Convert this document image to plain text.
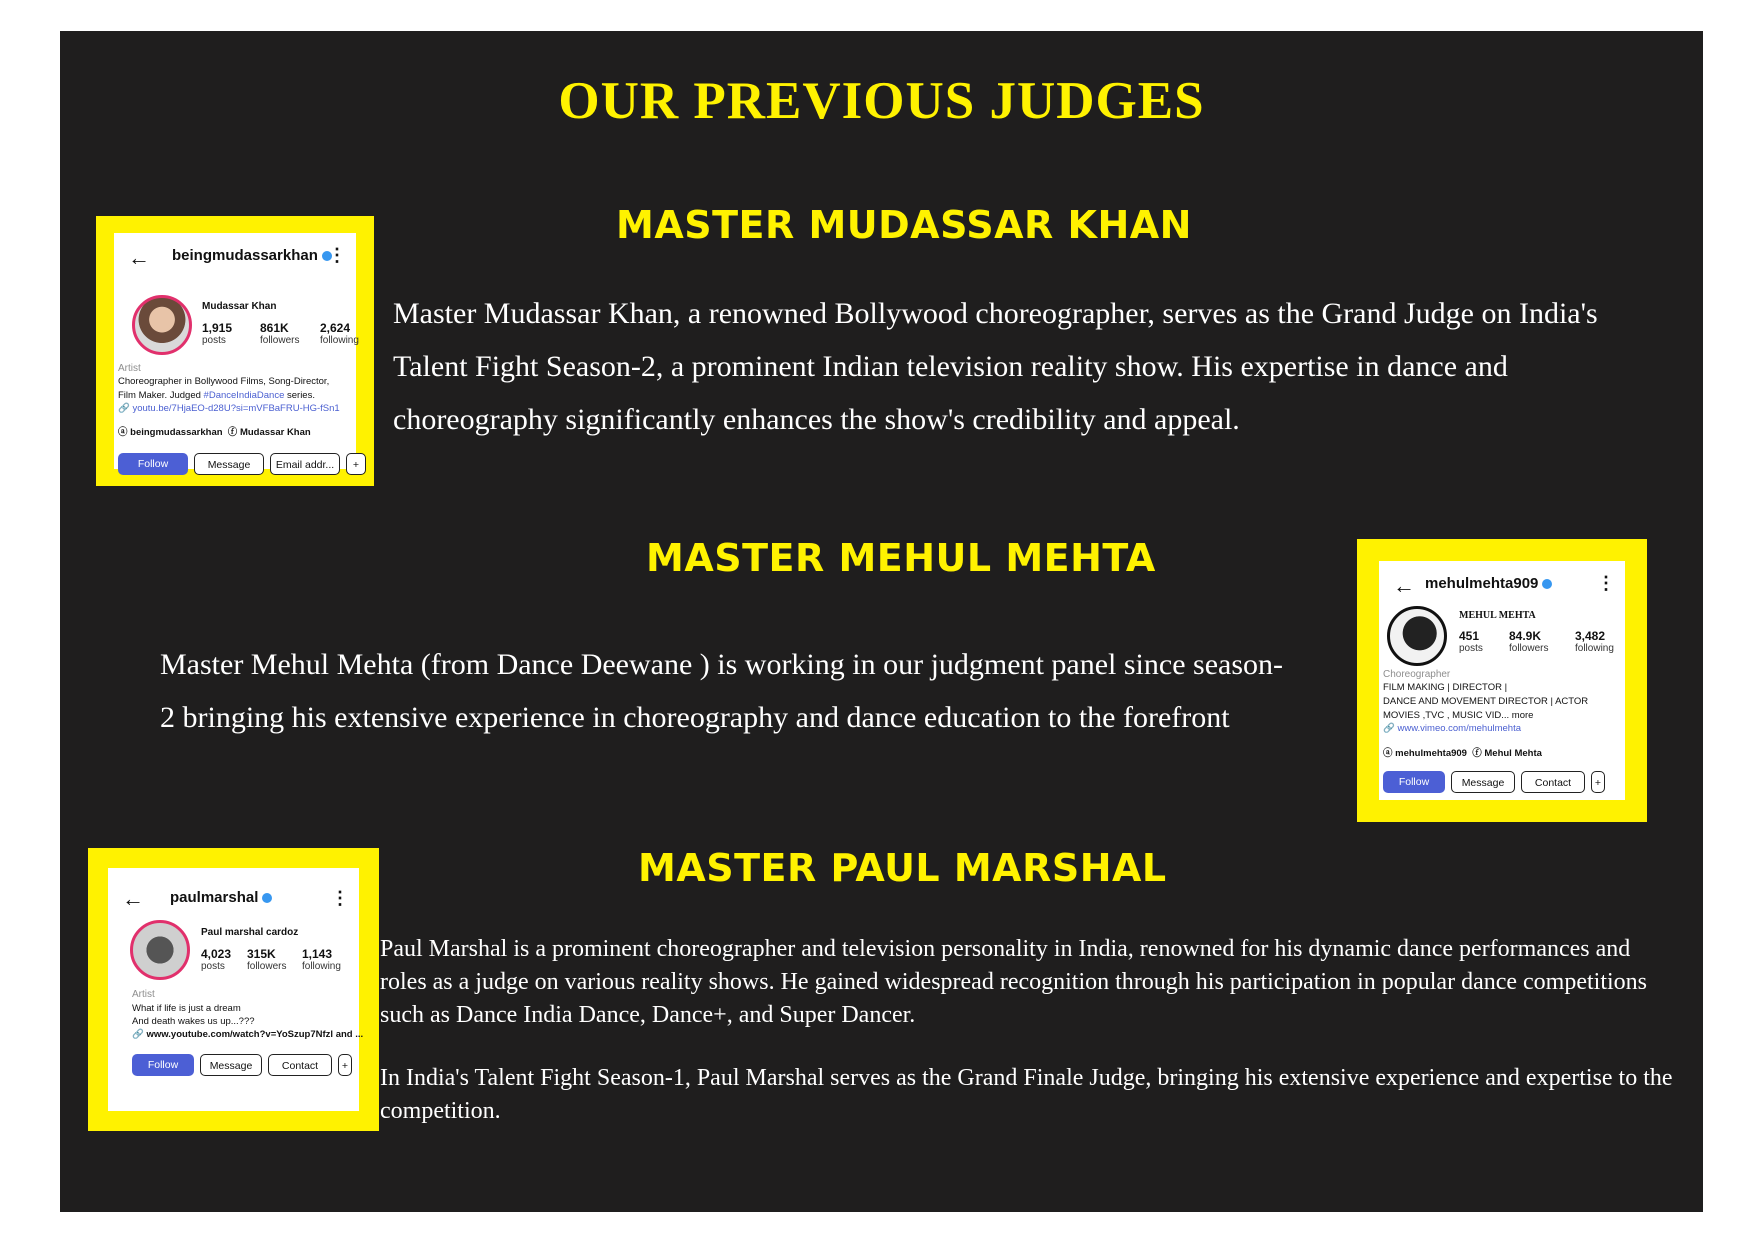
OUR PREVIOUS JUDGES
MASTER MUDASSAR KHAN

Master Mudassar Khan, a renowned Bollywood choreographer, serves as the Grand Judge on India's Talent Fight Season-2, a prominent Indian television reality show. His expertise in dance and choreography significantly enhances the show's credibility and appeal.

← beingmudassarkhan ⋮
Mudassar Khan
1,915
posts
861K
followers
2,624
following
Artist
Choreographer in Bollywood Films, Song-Director,
Film Maker. Judged #DanceIndiaDance series.
🔗 youtu.be/7HjaEO-d28U?si=mVFBaFRU-HG-fSn1
ⓐ beingmudassarkhan  ⓕ Mudassar Khan
Follow	Message	Email addr...	+
MASTER MEHUL MEHTA

Master Mehul Mehta (from Dance Deewane ) is working in our judgment panel since season-2 bringing his extensive experience in choreography and dance education to the forefront

← mehulmehta909	⋮
MEHUL MEHTA
451
posts
84.9K
followers
3,482
following
Choreographer
FILM MAKING | DIRECTOR |
DANCE AND MOVEMENT DIRECTOR | ACTOR
MOVIES ,TVC , MUSIC VID... more
🔗 www.vimeo.com/mehulmehta
ⓐ mehulmehta909  ⓕ Mehul Mehta
Follow	Message	Contact	+
MASTER PAUL MARSHAL

Paul Marshal is a prominent choreographer and television personality in India, renowned for his dynamic dance performances and roles as a judge on various reality shows. He gained widespread recognition through his participation in popular dance competitions such as Dance India Dance, Dance+, and Super Dancer.

In India's Talent Fight Season-1, Paul Marshal serves as the Grand Finale Judge, bringing his extensive experience and expertise to the competition.

← paulmarshal	⋮
Paul marshal cardoz
4,023
posts
315K
followers
1,143
following
Artist
What if life is just a dream
And death wakes us up...???
🔗 www.youtube.com/watch?v=YoSzup7Nfzl and ...
Follow	Message	Contact	+
